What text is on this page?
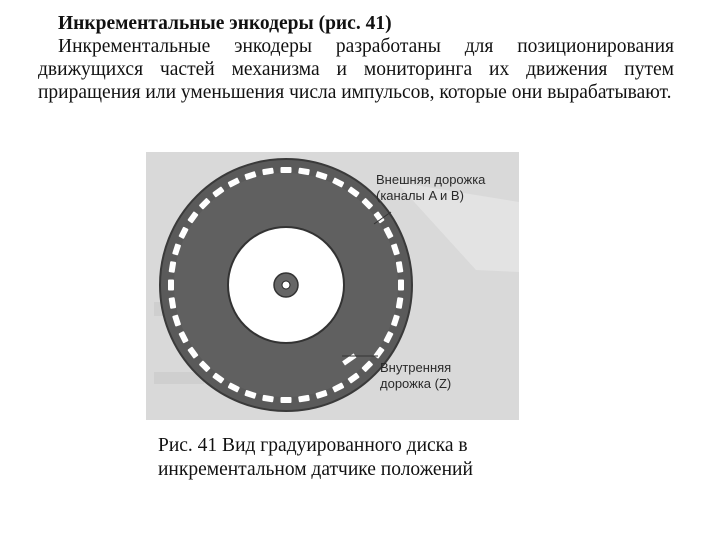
Инкрементальные энкодеры (рис. 41)

Инкрементальные энкодеры разработаны для позиционирования движущихся частей механизма и мониторинга их движения путем приращения или уменьшения числа импульсов, которые они вырабатывают.

Внешняя дорожка
(каналы A и B)
Внутренняя
дорожка (Z)
Рис. 41 Вид градуированного диска в
инкрементальном датчике положений
